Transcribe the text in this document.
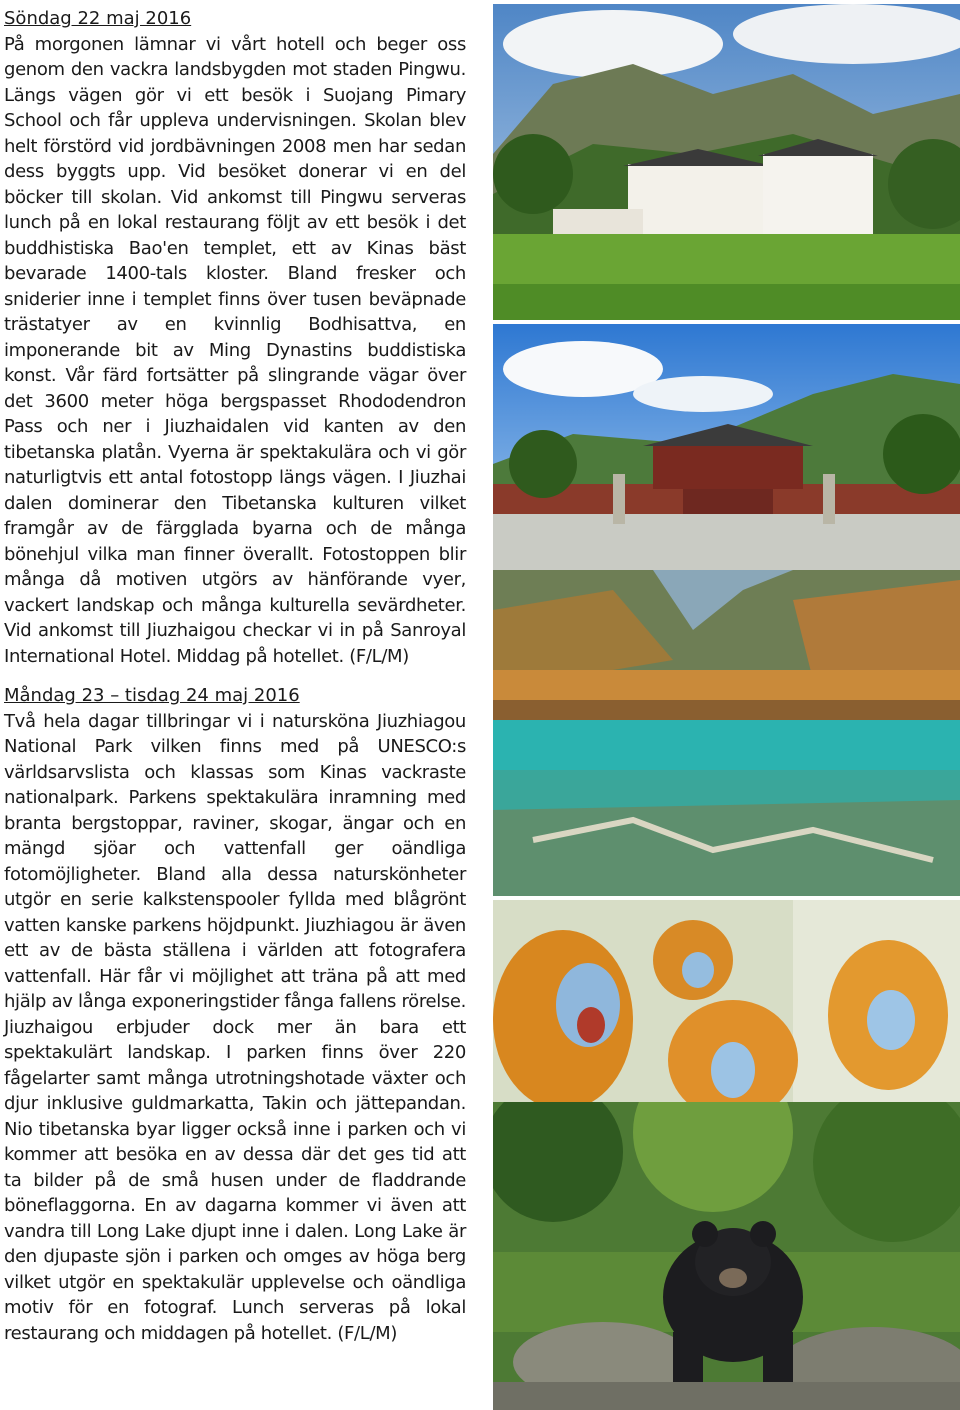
Söndag 22 maj 2016

På morgonen lämnar vi vårt hotell och beger oss genom den vackra landsbygden mot staden Pingwu. Längs vägen gör vi ett besök i Suojang Pimary School och får uppleva undervisningen. Skolan blev helt förstörd vid jordbävningen 2008 men har sedan dess byggts upp. Vid besöket donerar vi en del böcker till skolan. Vid ankomst till Pingwu serveras lunch på en lokal restaurang följt av ett besök i det buddhistiska Bao'en templet, ett av Kinas bäst bevarade 1400-tals kloster. Bland fresker och sniderier inne i templet finns över tusen beväpnade trästatyer av en kvinnlig Bodhisattva, en imponerande bit av Ming Dynastins buddistiska konst. Vår färd fortsätter på slingrande vägar över det 3600 meter höga bergspasset Rhododendron Pass och ner i Jiuzhaidalen vid kanten av den tibetanska platån. Vyerna är spektakulära och vi gör naturligtvis ett antal fotostopp längs vägen. I Jiuzhai dalen dominerar den Tibetanska kulturen vilket framgår av de färgglada byarna och de många bönehjul vilka man finner överallt. Fotostoppen blir många då motiven utgörs av hänförande vyer, vackert landskap och många kulturella sevärdheter. Vid ankomst till Jiuzhaigou checkar vi in på Sanroyal International Hotel. Middag på hotellet. (F/L/M)

Måndag 23 – tisdag 24 maj 2016

Två hela dagar tillbringar vi i natursköna Jiuzhiagou National Park vilken finns med på UNESCO:s världsarvslista och klassas som Kinas vackraste nationalpark. Parkens spektakulära inramning med branta bergstoppar, raviner, skogar, ängar och en mängd sjöar och vattenfall ger oändliga fotomöjligheter. Bland alla dessa naturskönheter utgör en serie kalkstenspooler fyllda med blågrönt vatten kanske parkens höjdpunkt. Jiuzhiagou är även ett av de bästa ställena i världen att fotografera vattenfall. Här får vi möjlighet att träna på att med hjälp av långa exponeringstider fånga fallens rörelse. Jiuzhaigou erbjuder dock mer än bara ett spektakulärt landskap. I parken finns över 220 fågelarter samt många utrotningshotade växter och djur inklusive guldmarkatta, Takin och jättepandan. Nio tibetanska byar ligger också inne i parken och vi kommer att besöka en av dessa där det ges tid att ta bilder på de små husen under de fladdrande böneflaggorna. En av dagarna kommer vi även att vandra till Long Lake djupt inne i dalen. Long Lake är den djupaste sjön i parken och omges av höga berg vilket utgör en spektakulär upplevelse och oändliga motiv för en fotograf. Lunch serveras på lokal restaurang och middagen på hotellet. (F/L/M)
